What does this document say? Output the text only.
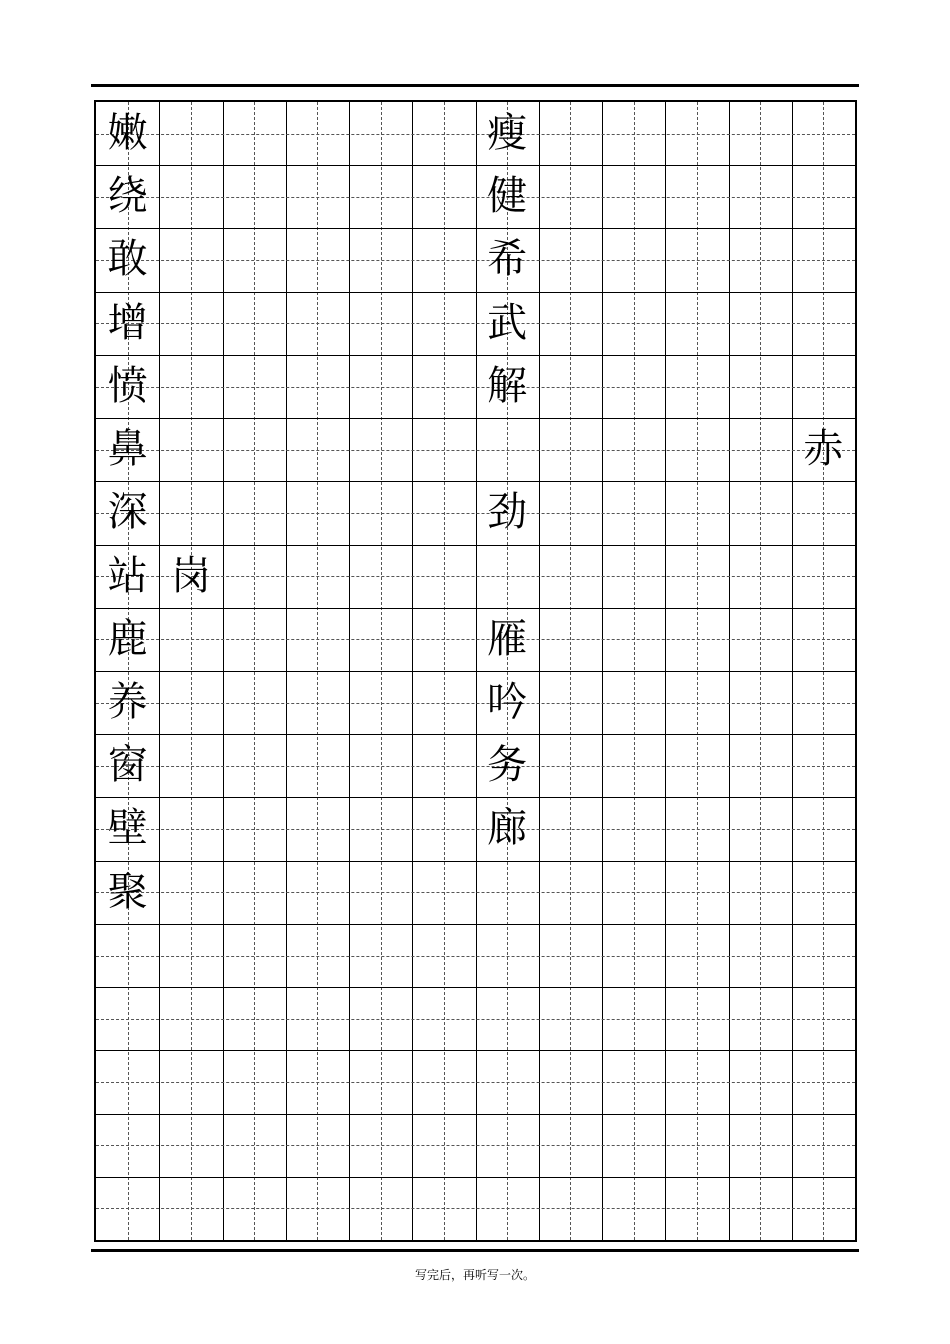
嫩
绕
敢
增
愤
鼻
深
站 岗
鹿
养
窗
壁
聚
瘦
健
希
武
解
劲
雁
吟
务
廊
赤
写完后，再听写一次。
